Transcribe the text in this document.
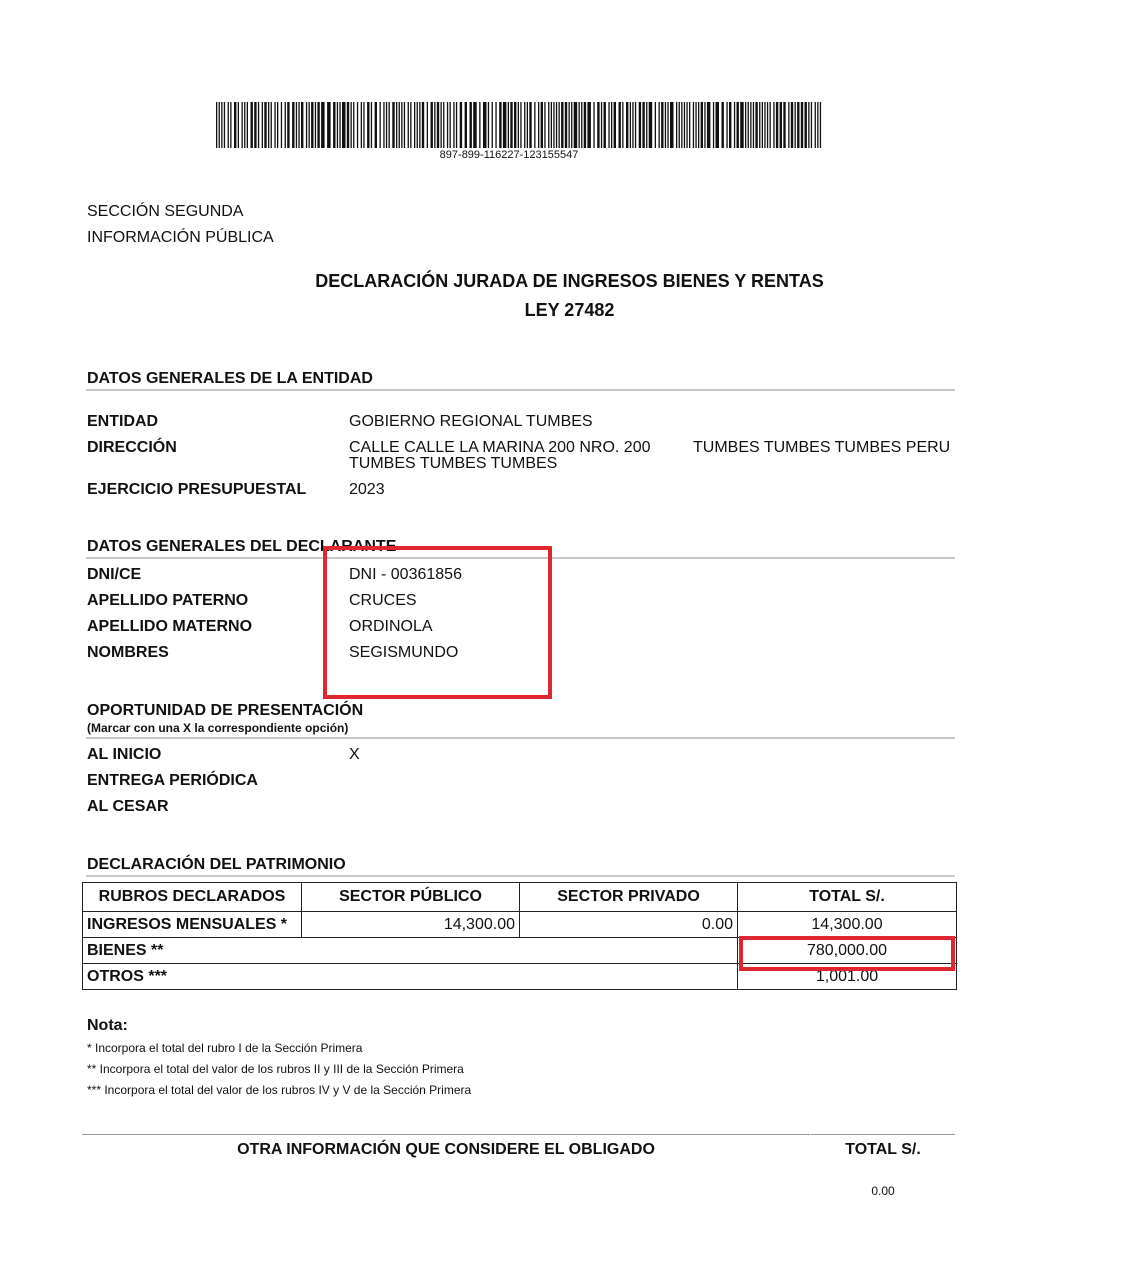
897-899-116227-123155547
SECCIÓN SEGUNDA
INFORMACIÓN PÚBLICA
DECLARACIÓN JURADA DE INGRESOS BIENES Y RENTAS
LEY 27482
DATOS GENERALES DE LA ENTIDAD
ENTIDAD	GOBIERNO REGIONAL TUMBES
DIRECCIÓN	CALLE CALLE LA MARINA 200 NRO. 200
TUMBES TUMBES TUMBES
TUMBES TUMBES TUMBES PERU
EJERCICIO PRESUPUESTAL	2023
DATOS GENERALES DEL DECLARANTE
DNI/CE	DNI - 00361856
APELLIDO PATERNO	CRUCES
APELLIDO MATERNO	ORDINOLA
NOMBRES	SEGISMUNDO
OPORTUNIDAD DE PRESENTACIÓN
(Marcar con una X la correspondiente opción)
AL INICIO	X
ENTREGA PERIÓDICA
AL CESAR
DECLARACIÓN DEL PATRIMONIO
RUBROS DECLARADOS	SECTOR PÚBLICO	SECTOR PRIVADO	TOTAL S/.
INGRESOS MENSUALES *	14,300.00	0.00	14,300.00
BIENES **			780,000.00
OTROS ***			1,001.00
Nota:
* Incorpora el total del rubro I de la Sección Primera
** Incorpora el total del valor de los rubros II y III de la Sección Primera
*** Incorpora el total del valor de los rubros IV y V de la Sección Primera
OTRA INFORMACIÓN QUE CONSIDERE EL OBLIGADO	TOTAL S/.
0.00
